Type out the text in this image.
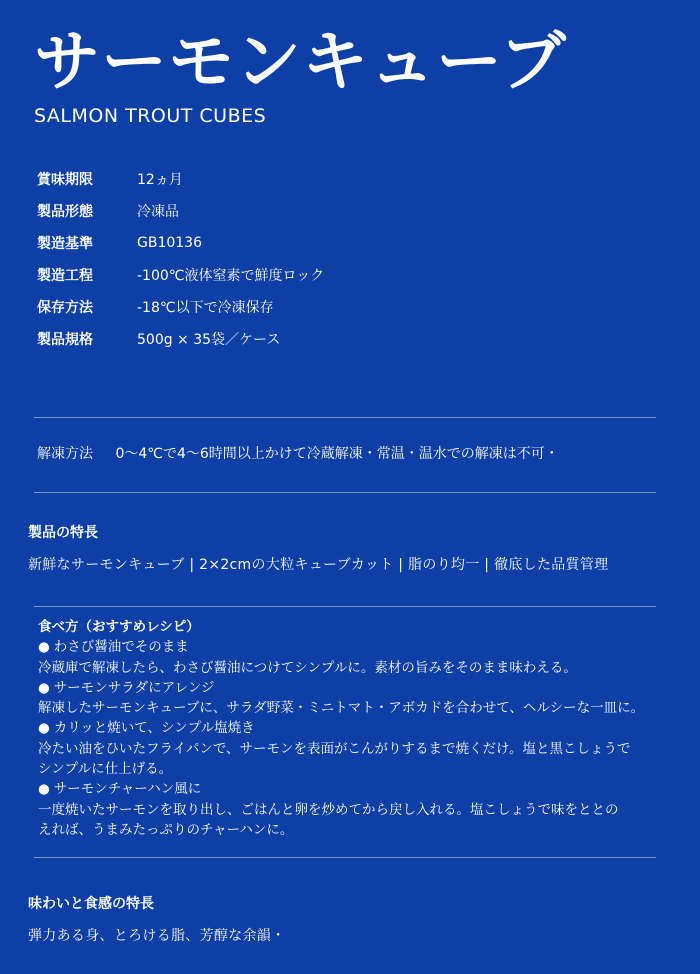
サーモンキューブ
SALMON TROUT CUBES
賞味期限	12ヵ月
製品形態	冷凍品
製造基準	GB10136
製造工程	-100℃液体窒素で鮮度ロック
保存方法	-18℃以下で冷凍保存
製品規格	500g × 35袋／ケース
解凍方法 0～4℃で4～6時間以上かけて冷蔵解凍・常温・温水での解凍は不可・
製品の特長
新鮮なサーモンキューブ | 2×2cmの大粒キューブカット | 脂のり均一 | 徹底した品質管理
食べ方（おすすめレシピ）
● わさび醤油でそのまま
冷蔵庫で解凍したら、わさび醤油につけてシンプルに。素材の旨みをそのまま味わえる。
● サーモンサラダにアレンジ
解凍したサーモンキューブに、サラダ野菜・ミニトマト・アボカドを合わせて、ヘルシーな一皿に。
● カリッと焼いて、シンプル塩焼き
冷たい油をひいたフライパンで、サーモンを表面がこんがりするまで焼くだけ。塩と黒こしょうで
シンプルに仕上げる。
● サーモンチャーハン風に
一度焼いたサーモンを取り出し、ごはんと卵を炒めてから戻し入れる。塩こしょうで味をととの
えれば、うまみたっぷりのチャーハンに。
味わいと食感の特長
弾力ある身、とろける脂、芳醇な余韻・
